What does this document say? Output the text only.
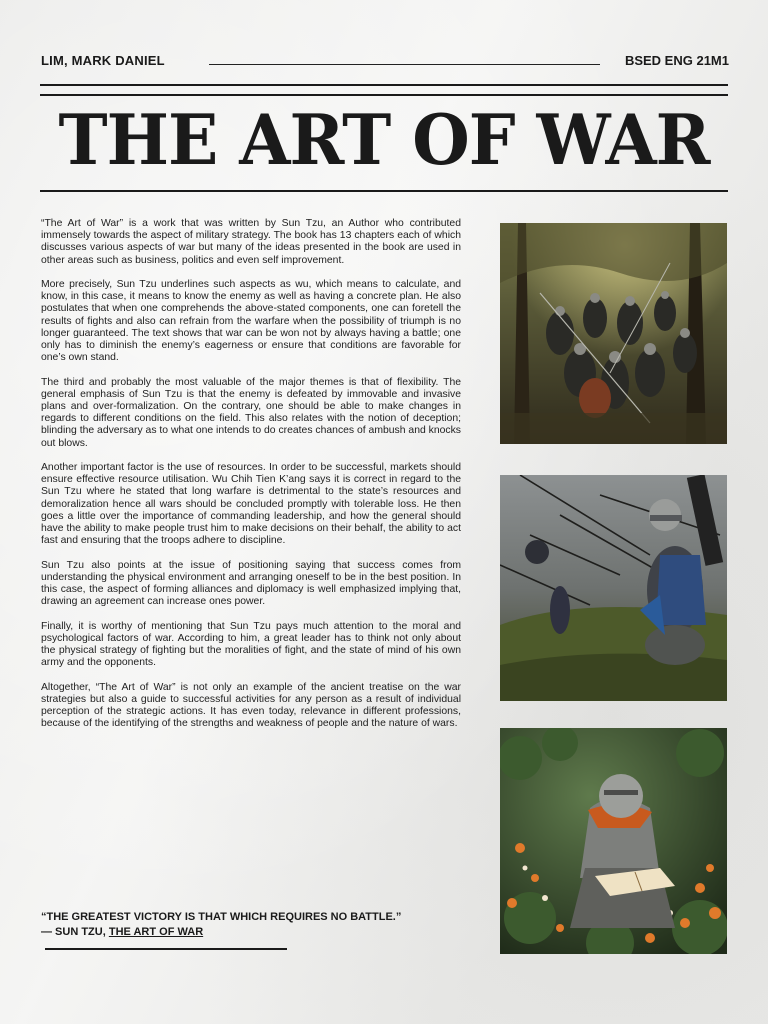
LIM, MARK DANIEL	BSED ENG 21M1
THE ART OF WAR

“The Art of War” is a work that was written by Sun Tzu, an Author who contributed immensely towards the aspect of military strategy. The book has 13 chapters each of which discusses various aspects of war but many of the ideas presented in the book are used in other areas such as business, politics and even self improvement.

More precisely, Sun Tzu underlines such aspects as wu, which means to calculate, and know, in this case, it means to know the enemy as well as having a concrete plan. He also postulates that when one comprehends the above-stated components, one can foretell the results of fights and also can refrain from the warfare when the possibility of triumph is no longer guaranteed. The text shows that war can be won not by always having a battle; one only has to diminish the enemy’s eagerness or ensure that conditions are favorable for one’s own stand.

The third and probably the most valuable of the major themes is that of flexibility. The general emphasis of Sun Tzu is that the enemy is defeated by immovable and invasive plans and over-formalization. On the contrary, one should be able to make changes in regards to different conditions on the field. This also relates with the notion of deception; blinding the adversary as to what one intends to do creates chances of ambush and knocks out blows.

Another important factor is the use of resources. In order to be successful, markets should ensure effective resource utilisation. Wu Chih Tien K’ang says it is correct in regard to the Sun Tzu where he stated that long warfare is detrimental to the state’s resources and demoralization hence all wars should be concluded promptly with tolerable loss. He then goes a little over the importance of commanding leadership, and how the general should have the ability to make people trust him to make decisions on their behalf, the ability to act fast and ensuring that the troops adhere to discipline.

Sun Tzu also points at the issue of positioning saying that success comes from understanding the physical environment and arranging oneself to be in the best position. In this case, the aspect of forming alliances and diplomacy is well emphasized implying that, drawing an agreement can increase ones power.

Finally, it is worthy of mentioning that Sun Tzu pays much attention to the moral and psychological factors of war. According to him, a great leader has to think not only about the physical strategy of fighting but the moralities of fight, and the state of mind of his own army and the opponents.

Altogether, “The Art of War” is not only an example of the ancient treatise on the war strategies but also a guide to successful activities for any person as a result of individual perception of the strategic actions. It has even today, relevance in different professions, because of the identifying of the strengths and weakness of people and the nature of wars.

“THE GREATEST VICTORY IS THAT WHICH REQUIRES NO BATTLE.”
— SUN TZU, THE ART OF WAR
